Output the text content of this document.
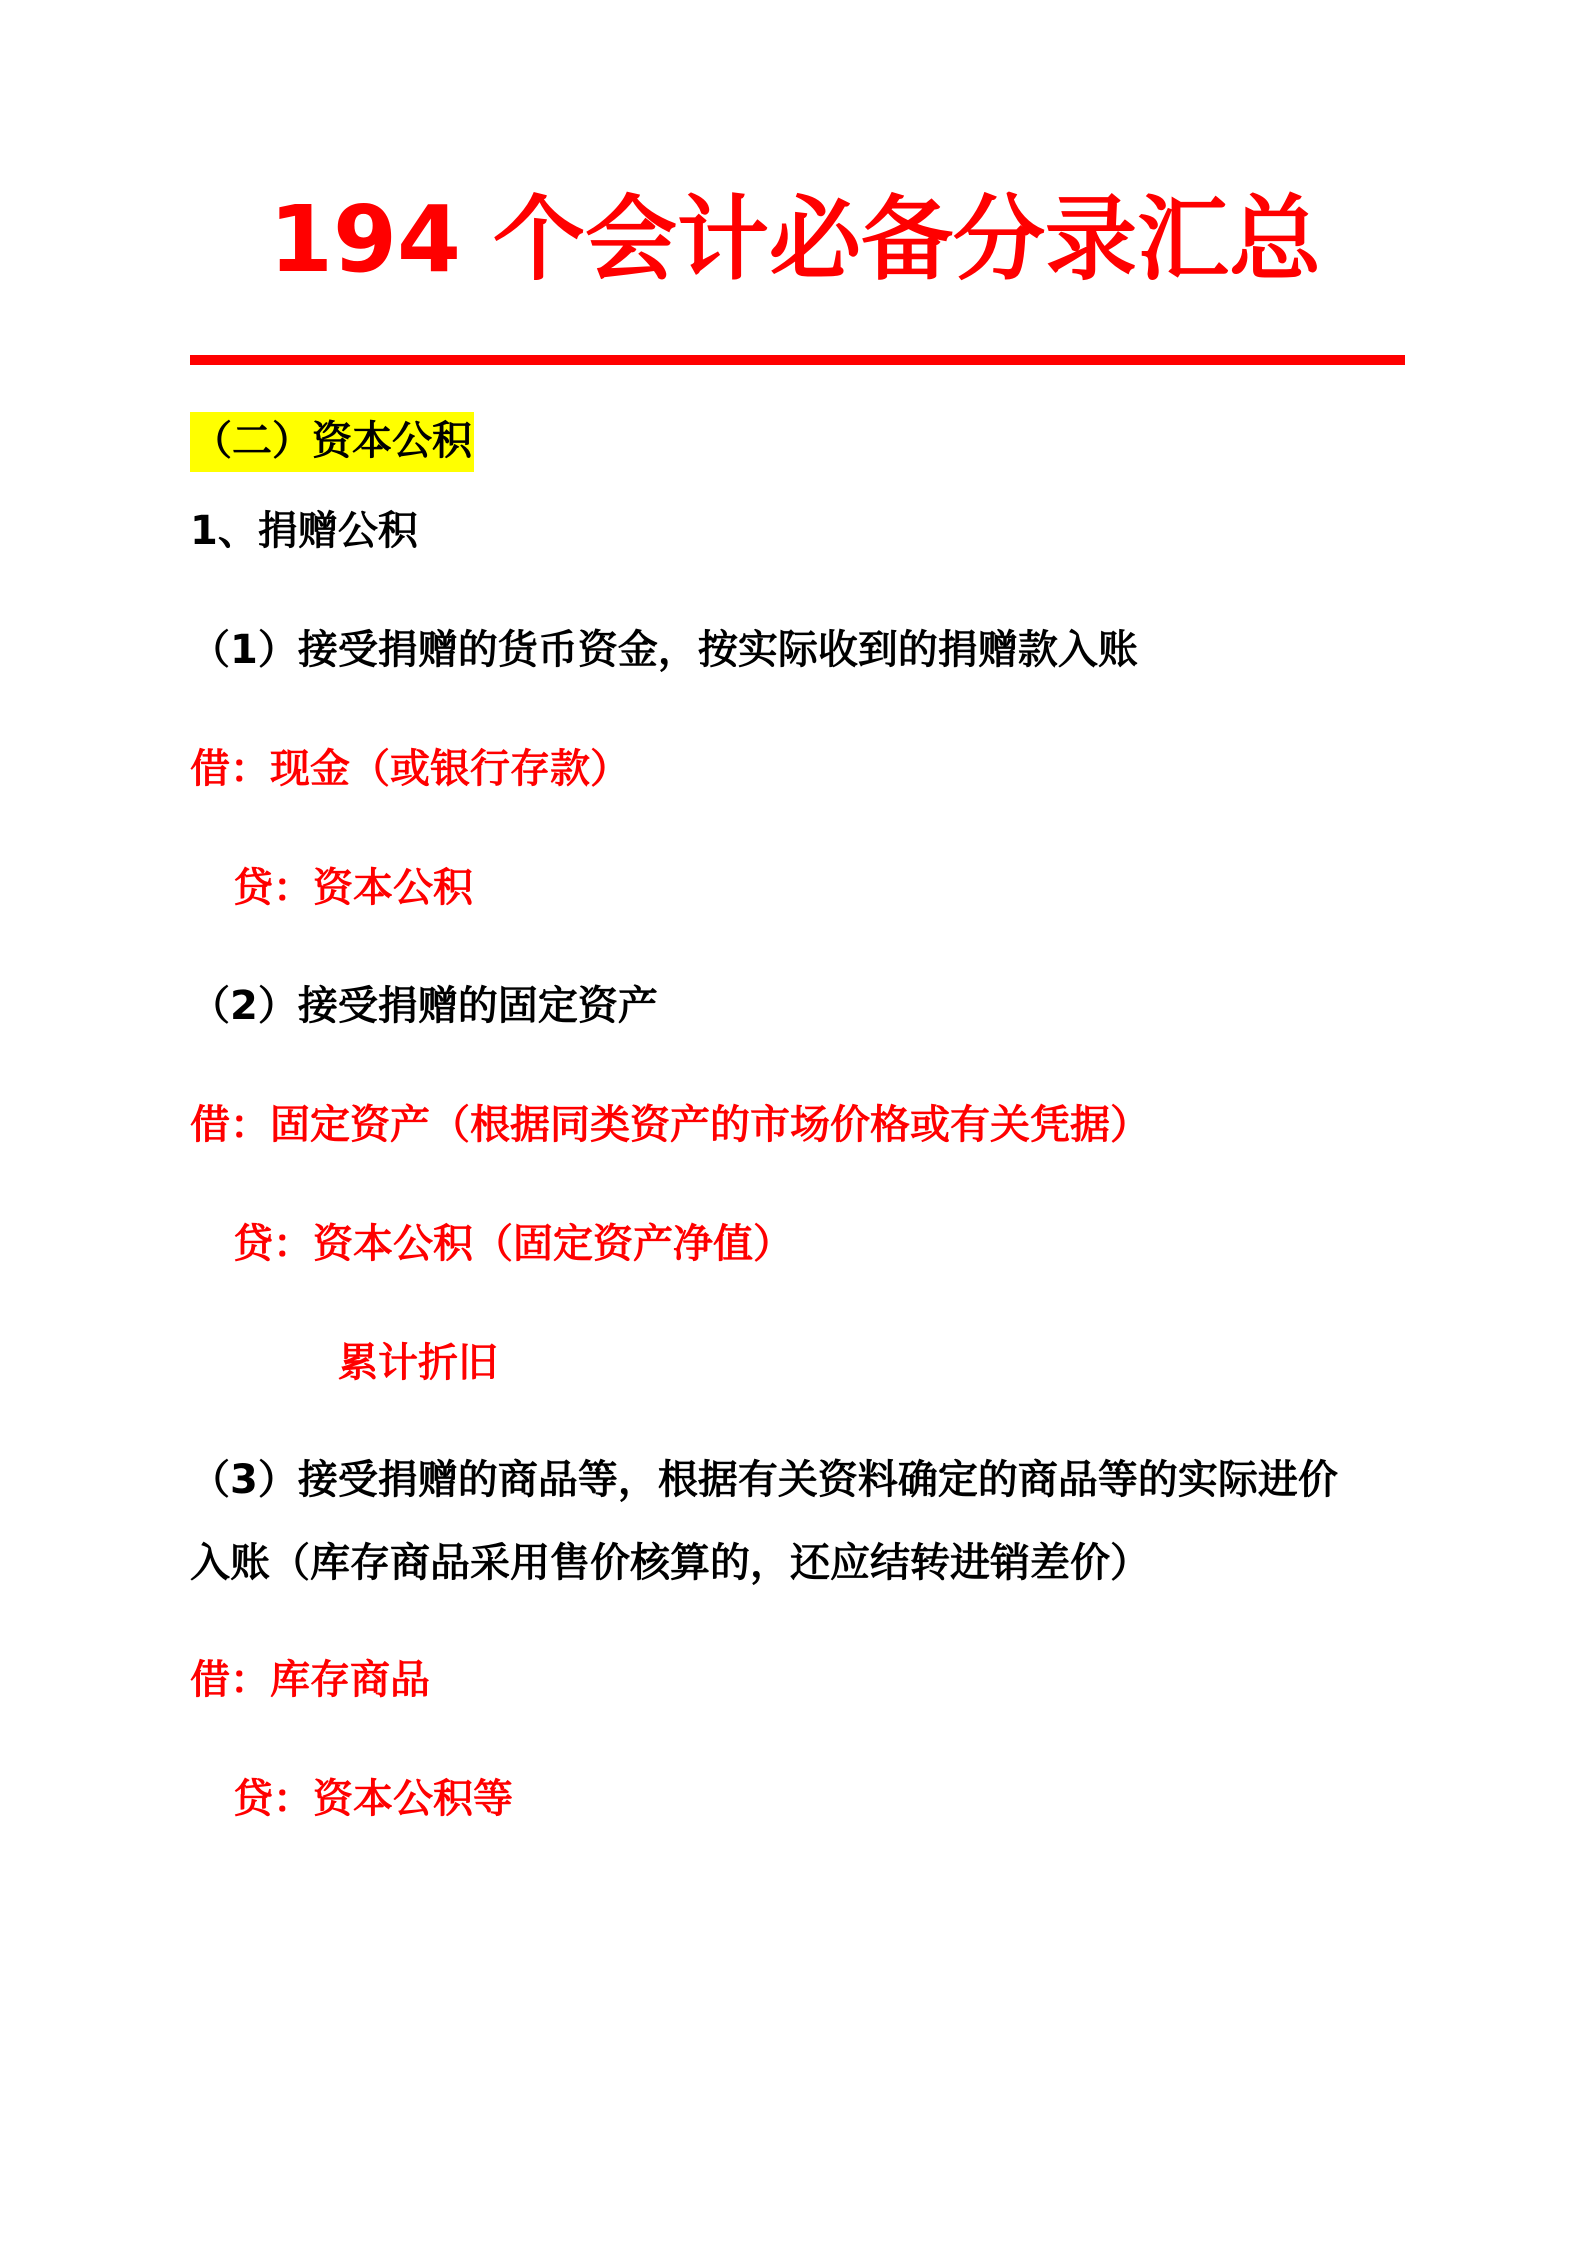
194 个会计必备分录汇总
（二）资本公积
1、捐赠公积
（1）接受捐赠的货币资金，按实际收到的捐赠款入账
借：现金（或银行存款）
贷：资本公积
（2）接受捐赠的固定资产
借：固定资产（根据同类资产的市场价格或有关凭据）
贷：资本公积（固定资产净值）
累计折旧
（3）接受捐赠的商品等，根据有关资料确定的商品等的实际进价
入账（库存商品采用售价核算的，还应结转进销差价）
借：库存商品
贷：资本公积等
